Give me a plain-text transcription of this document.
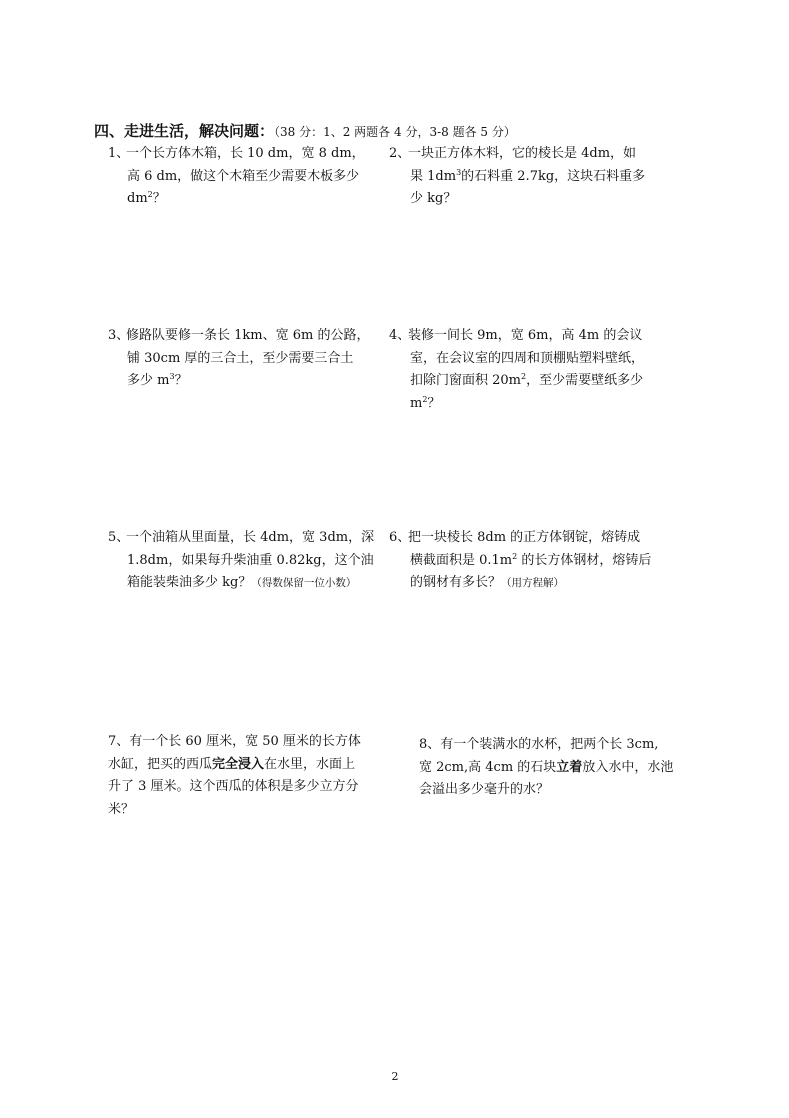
四、走进生活，解决问题：（38 分：1、2 两题各 4 分，3-8 题各 5 分）
1、
一个长方体木箱，长 10 dm，宽 8 dm，
高 6 dm，做这个木箱至少需要木板多少
$dm^2$？
2、
一块正方体木料，它的棱长是 4dm，如
果 $1dm^3$的石料重 2.7kg，这块石料重多
少 kg？
3、
修路队要修一条长 1km、宽 6m 的公路，
铺 30cm 厚的三合土，至少需要三合土
多少 $m^3$？
4、
装修一间长 9m，宽 6m，高 4m 的会议
室，在会议室的四周和顶棚贴塑料壁纸，
扣除门窗面积 $20m^2$，至少需要壁纸多少
$m^2$？
5、
一个油箱从里面量，长 4dm，宽 3dm，深
1.8dm，如果每升柴油重 0.82kg，这个油
箱能装柴油多少 kg？（得数保留一位小数）
6、
把一块棱长 8dm 的正方体钢锭，熔铸成
横截面积是 $0.1m^2$ 的长方体钢材，熔铸后
的钢材有多长？（用方程解）
7、有一个长 60 厘米，宽 50 厘米的长方体
水缸，把买的西瓜完全浸入在水里，水面上
升了 3 厘米。这个西瓜的体积是多少立方分
米？
8、有一个装满水的水杯，把两个长 3cm,
宽 2cm,高 4cm 的石块立着放入水中，水池
会溢出多少毫升的水？
2
